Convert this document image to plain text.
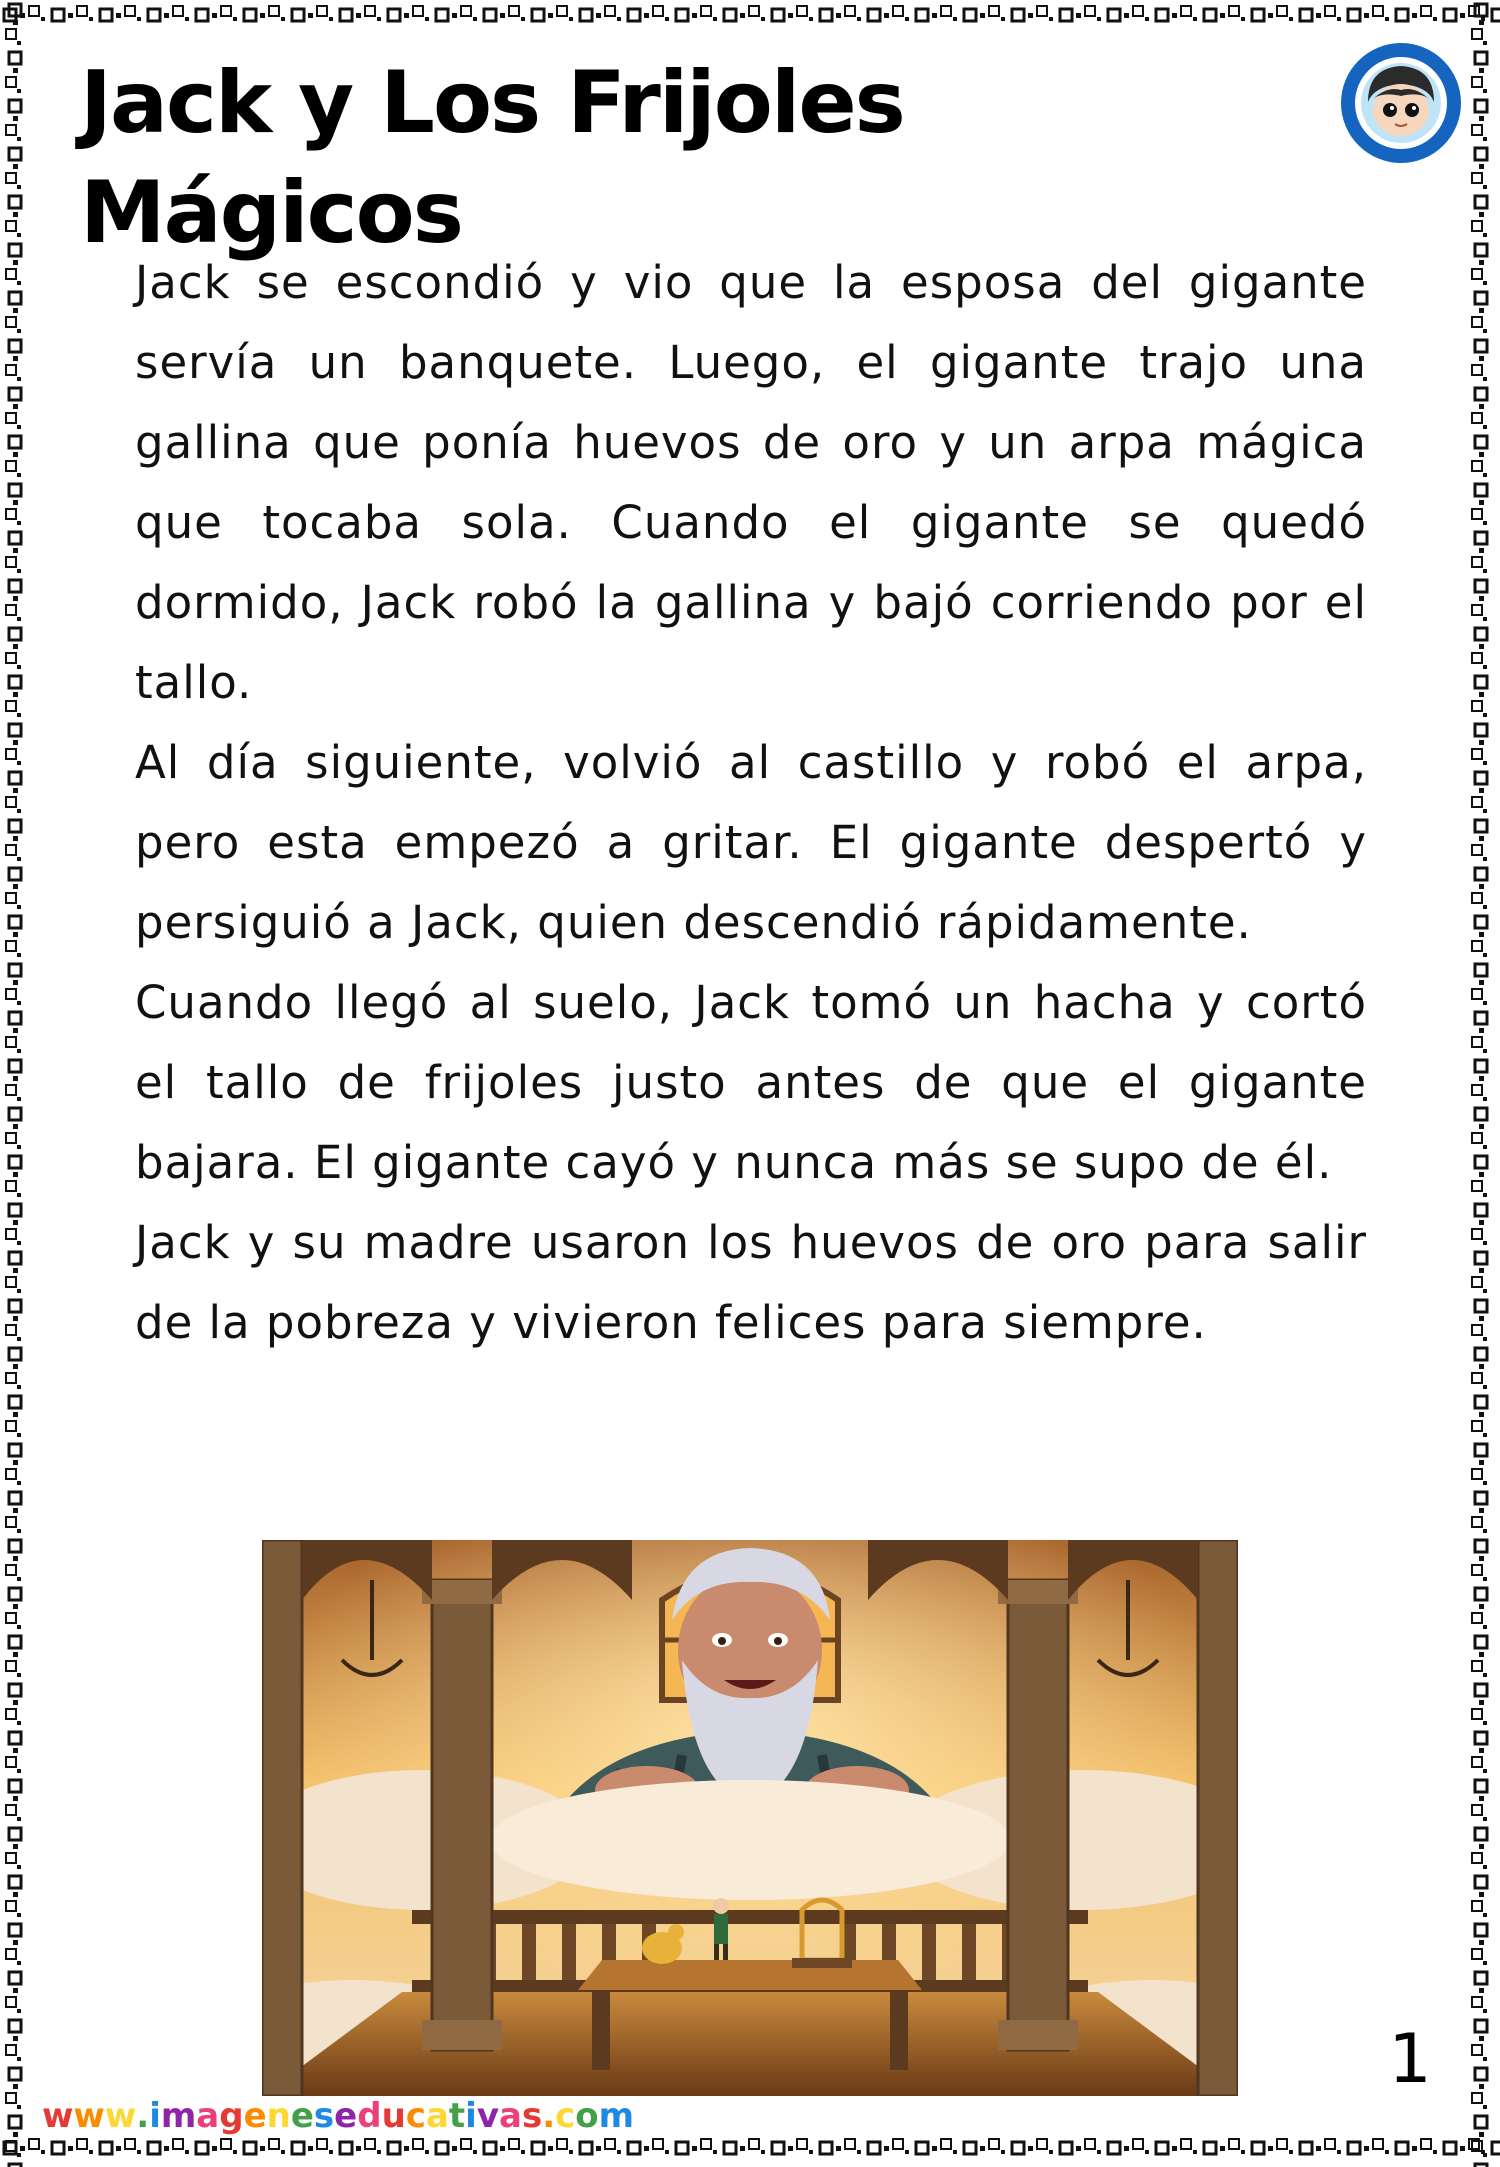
Jack y Los Frijoles Mágicos

Jack se escondió y vio que la esposa del gigante servía un banquete. Luego, el gigante trajo una gallina que ponía huevos de oro y un arpa mágica que tocaba sola. Cuando el gigante se quedó dormido, Jack robó la gallina y bajó corriendo por el tallo.

Al día siguiente, volvió al castillo y robó el arpa, pero esta empezó a gritar. El gigante despertó y persiguió a Jack, quien descendió rápidamente.

Cuando llegó al suelo, Jack tomó un hacha y cortó el tallo de frijoles justo antes de que el gigante bajara. El gigante cayó y nunca más se supo de él.

Jack y su madre usaron los huevos de oro para salir de la pobreza y vivieron felices para siempre.

1
www.imageneseducativas.com
